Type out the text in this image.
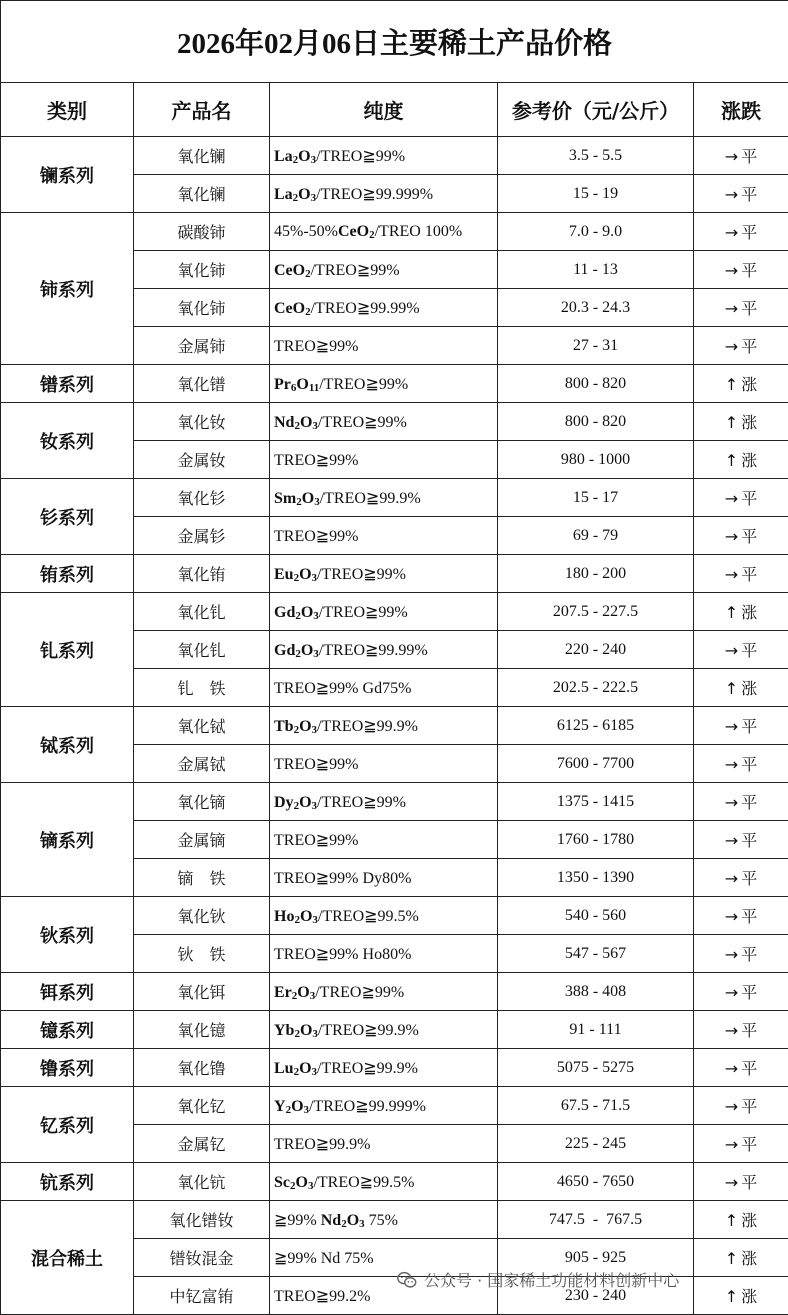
2026年02月06日主要稀土产品价格				
类别	产品名	纯度	参考价（元/公斤）	涨跌
镧系列	氧化镧	$La_2O_3/TREO≧99\%$	3.5 - 5.5	→ 平
	氧化镧	$La_2O_3/TREO≧99.999\%$	15 - 19	→ 平
铈系列	碳酸铈	45%-50%CeO$_2$/TREO 100%	7.0 - 9.0	→ 平
	氧化铈	CeO$_2$/TREO≧99%	11 - 13	→ 平
	氧化铈	CeO$_2$/TREO≧99.99%	20.3 - 24.3	→ 平
	金属铈	TREO≧99%	27 - 31	→ 平
镨系列	氧化镨	$Pr_6O_{11}/TREO≧99\%$	800 - 820	↑ 涨
钕系列	氧化钕	$Nd_2O_3/TREO≧99\%$	800 - 820	↑ 涨
	金属钕	TREO≧99%	980 - 1000	↑ 涨
钐系列	氧化钐	$Sm_2O_3/TREO≧99.9\%$	15 - 17	→ 平
	金属钐	TREO≧99%	69 - 79	→ 平
铕系列	氧化铕	$Eu_2O_3/TREO≧99\%$	180 - 200	→ 平
钆系列	氧化钆	$Gd_2O_3/TREO≧99\%$	207.5 - 227.5	↑ 涨
	氧化钆	$Gd_2O_3/TREO≧99.99\%$	220 - 240	→ 平
	钆　铁	TREO≧99% Gd75%	202.5 - 222.5	↑ 涨
铽系列	氧化铽	$Tb_2O_3/TREO≧99.9\%$	6125 - 6185	→ 平
	金属铽	TREO≧99%	7600 - 7700	→ 平
镝系列	氧化镝	$Dy_2O_3/TREO≧99\%$	1375 - 1415	→ 平
	金属镝	TREO≧99%	1760 - 1780	→ 平
	镝　铁	TREO≧99% Dy80%	1350 - 1390	→ 平
钬系列	氧化钬	$Ho_2O_3/TREO≧99.5\%$	540 - 560	→ 平
	钬　铁	TREO≧99% Ho80%	547 - 567	→ 平
铒系列	氧化铒	$Er_2O_3/TREO≧99\%$	388 - 408	→ 平
镱系列	氧化镱	$Yb_2O_3/TREO≧99.9\%$	91 - 111	→ 平
镥系列	氧化镥	$Lu_2O_3/TREO≧99.9\%$	5075 - 5275	→ 平
钇系列	氧化钇	$Y_2O_3/TREO≧99.999\%$	67.5 - 71.5	→ 平
	金属钇	TREO≧99.9%	225 - 245	→ 平
钪系列	氧化钪	$Sc_2O_3/TREO≧99.5\%$	4650 - 7650	→ 平
混合稀土	氧化镨钕	≧99% $Nd_2O_3$ 75%	747.5  -  767.5	↑ 涨
	镨钕混金	≧99% Nd 75%	905 - 925	↑ 涨
	中钇富铕	TREO≧99.2%	230 - 240	↑ 涨
公众号 · 国家稀土功能材料创新中心
